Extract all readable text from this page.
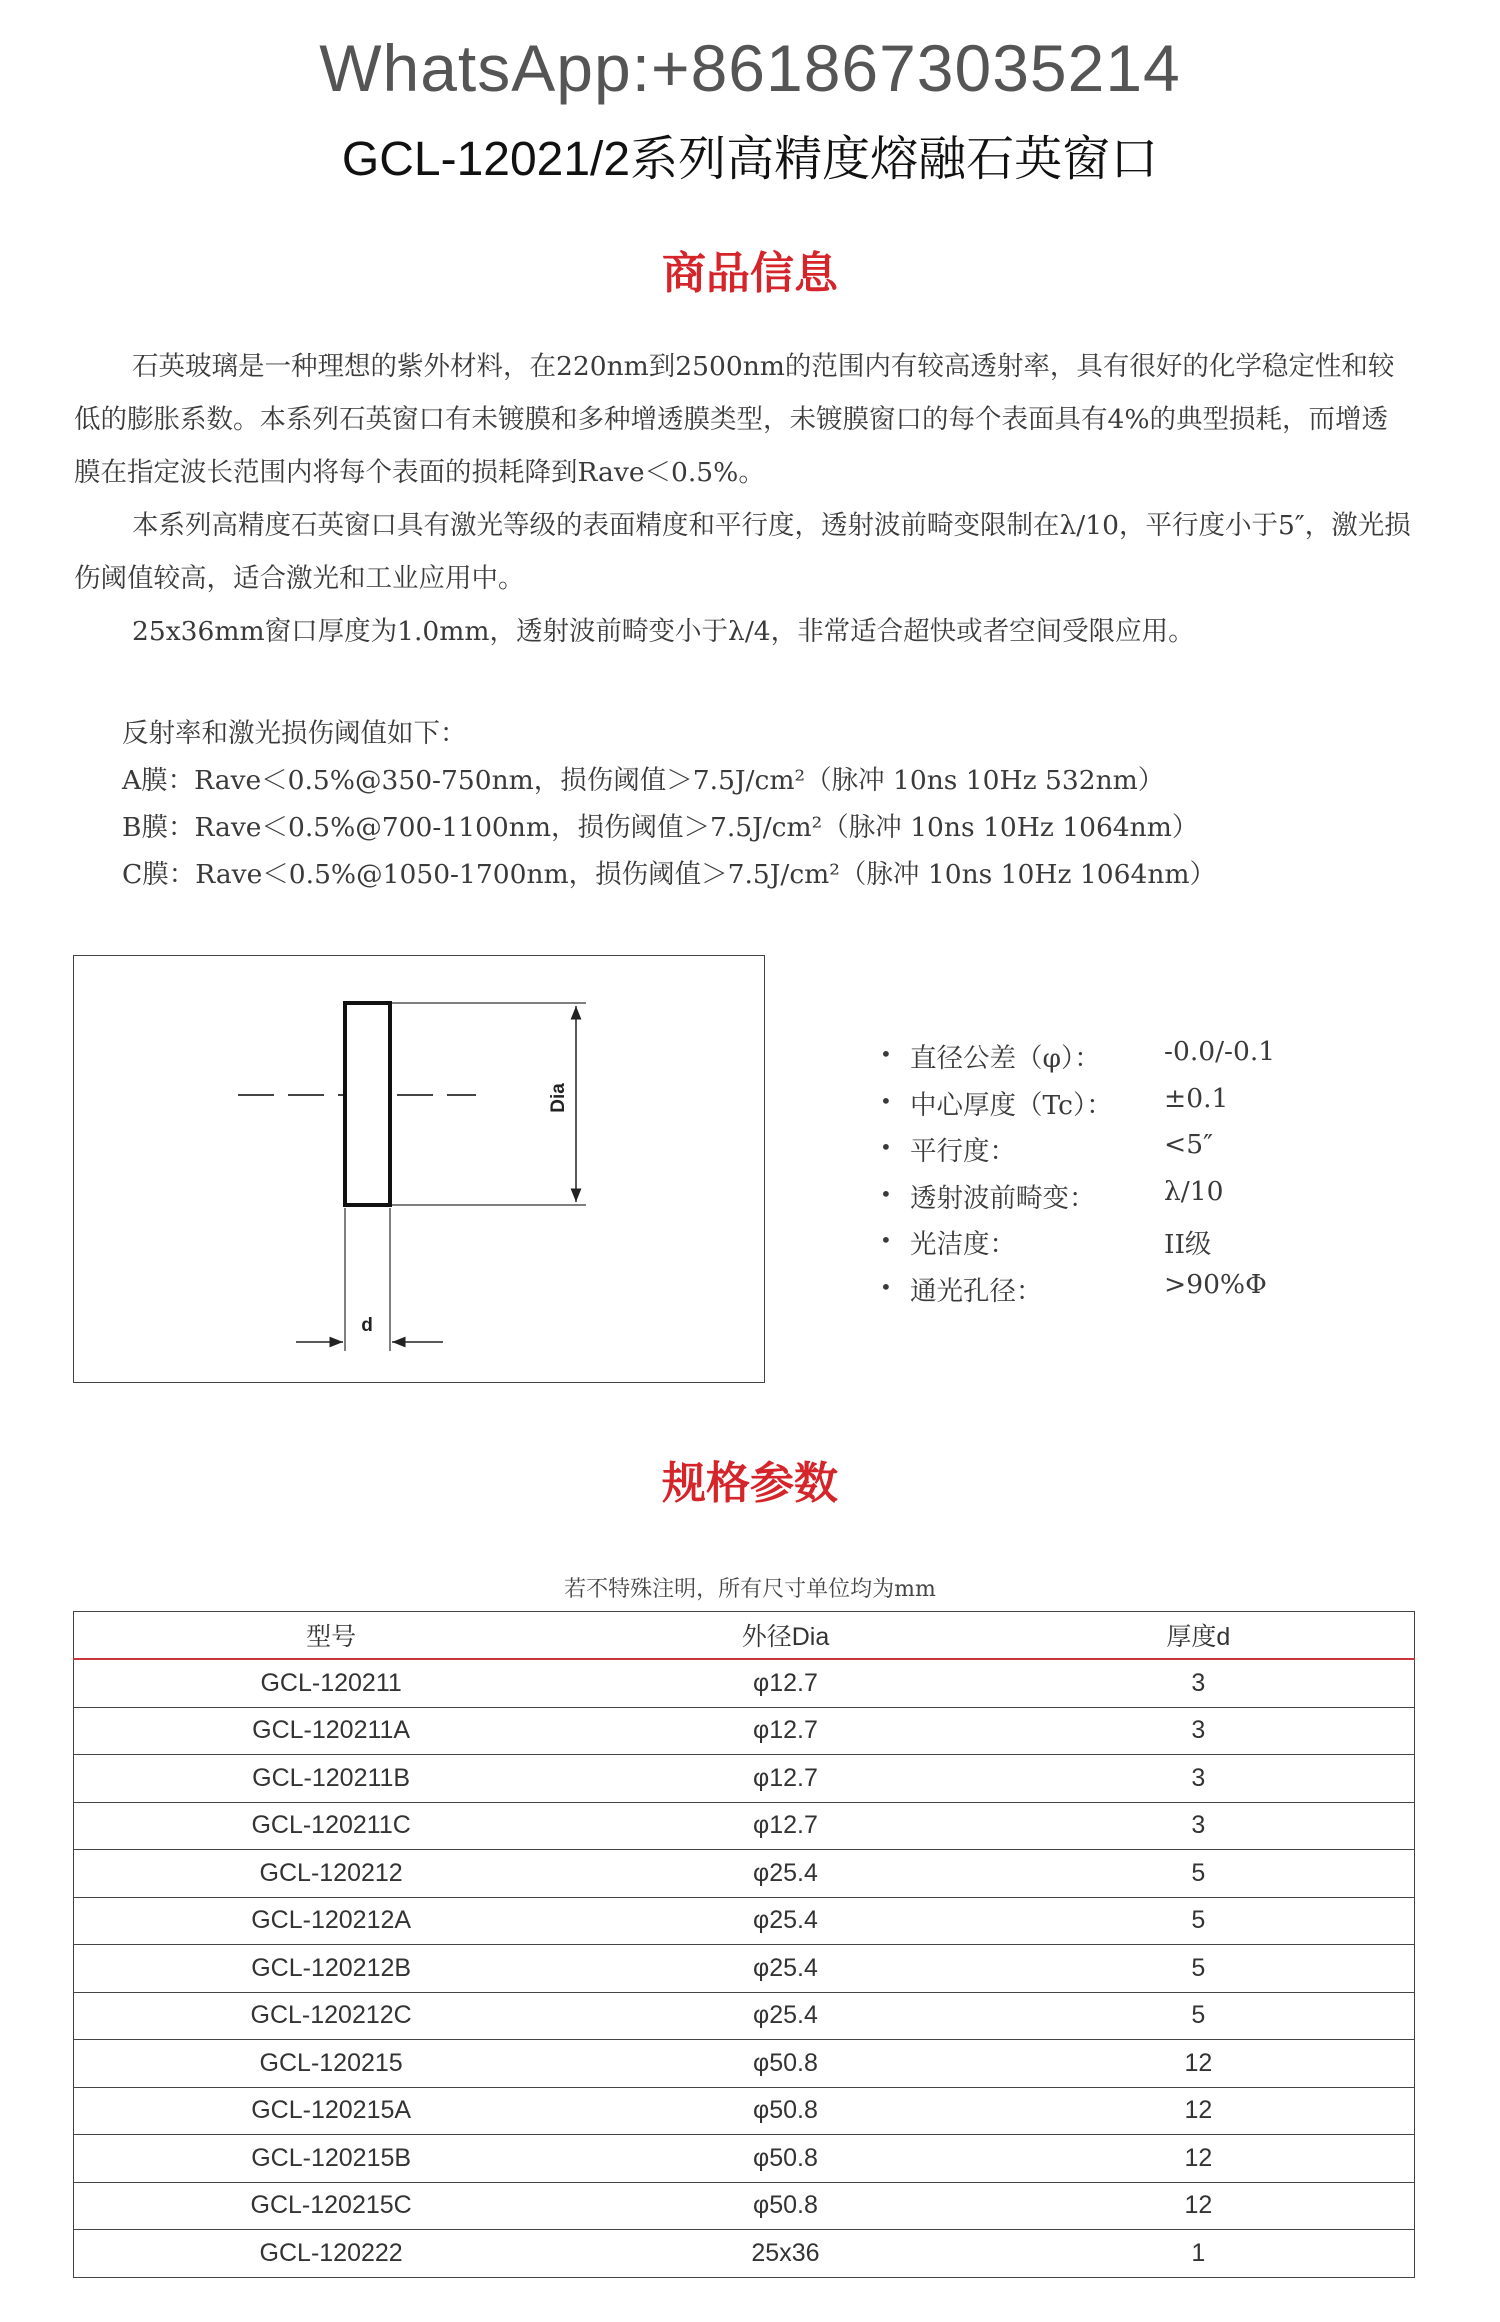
WhatsApp:+8618673035214
GCL-12021/2系列高精度熔融石英窗口
商品信息

石英玻璃是一种理想的紫外材料，在220nm到2500nm的范围内有较高透射率，具有很好的化学稳定性和较低的膨胀系数。本系列石英窗口有未镀膜和多种增透膜类型，未镀膜窗口的每个表面具有4%的典型损耗，而增透膜在指定波长范围内将每个表面的损耗降到Rave＜0.5%。

本系列高精度石英窗口具有激光等级的表面精度和平行度，透射波前畸变限制在λ/10，平行度小于5″，激光损伤阈值较高，适合激光和工业应用中。

25x36mm窗口厚度为1.0mm，透射波前畸变小于λ/4，非常适合超快或者空间受限应用。

反射率和激光损伤阈值如下：
A膜：Rave＜0.5%@350-750nm，损伤阈值＞7.5J/cm²（脉冲 10ns 10Hz 532nm）
B膜：Rave＜0.5%@700-1100nm，损伤阈值＞7.5J/cm²（脉冲 10ns 10Hz 1064nm）
C膜：Rave＜0.5%@1050-1700nm，损伤阈值＞7.5J/cm²（脉冲 10ns 10Hz 1064nm）
Dia
d
• 直径公差（φ）： -0.0/-0.1
• 中心厚度（Tc）： ±0.1
• 平行度：	<5″
• 透射波前畸变：	λ/10
• 光洁度：	II级
• 通光孔径：	>90%Φ
规格参数
若不特殊注明，所有尺寸单位均为mm
型号	外径Dia	厚度d
GCL-120211	φ12.7	3
GCL-120211A	φ12.7	3
GCL-120211B	φ12.7	3
GCL-120211C	φ12.7	3
GCL-120212	φ25.4	5
GCL-120212A	φ25.4	5
GCL-120212B	φ25.4	5
GCL-120212C	φ25.4	5
GCL-120215	φ50.8	12
GCL-120215A	φ50.8	12
GCL-120215B	φ50.8	12
GCL-120215C	φ50.8	12
GCL-120222	25x36	1
